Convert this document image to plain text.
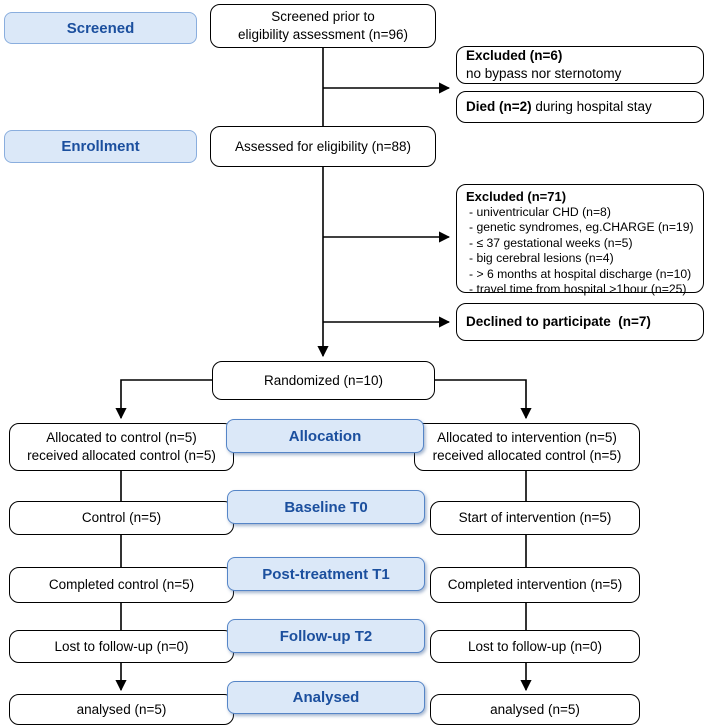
Screened
Enrollment
Allocation
Baseline T0
Post-treatment T1
Follow-up T2
Analysed
Screened prior to
eligibility assessment (n=96)
Assessed for eligibility (n=88)
Randomized (n=10)
Excluded (n=6)
no bypass nor sternotomy
Died (n=2) during hospital stay
Excluded (n=71)
- univentricular CHD (n=8)
- genetic syndromes, eg.CHARGE (n=19)
- ≤ 37 gestational weeks (n=5)
- big cerebral lesions (n=4)
- > 6 months at hospital discharge (n=10)
- travel time from hospital >1hour (n=25)
Declined to participate  (n=7)
Allocated to control (n=5)
received allocated control (n=5)
Control (n=5)
Completed control (n=5)
Lost to follow-up (n=0)
analysed (n=5)
Allocated to intervention (n=5)
received allocated control (n=5)
Start of intervention (n=5)
Completed intervention (n=5)
Lost to follow-up (n=0)
analysed (n=5)
